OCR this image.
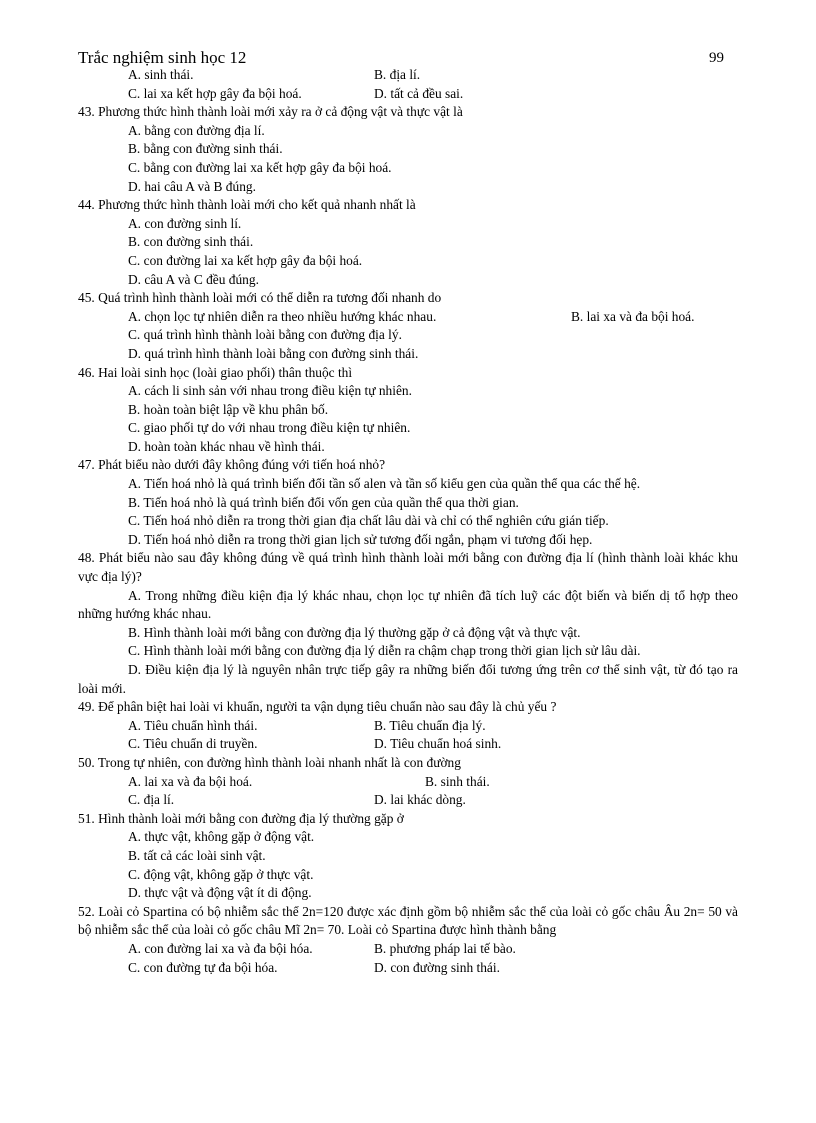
Trắc nghiệm sinh học 12	99
A. sinh thái.	B. địa lí.
C. lai xa kết hợp gây đa bội hoá.	D. tất cả đều sai.
43. Phương thức hình thành loài mới xảy ra ở cả động vật và thực vật là
A. bằng con đường địa lí.
B. bằng con đường sinh thái.
C. bằng con đường lai xa kết hợp gây đa bội hoá.
D. hai câu A và B đúng.
44. Phương thức hình thành loài mới cho kết quả nhanh nhất là
A. con đường sinh lí.
B. con đường sinh thái.
C. con đường lai xa kết hợp gây đa bội hoá.
D. câu A và C đều đúng.
45. Quá trình hình thành loài mới có thể diễn ra tương đối nhanh do
A. chọn lọc tự nhiên diễn ra theo nhiều hướng khác nhau.	B. lai xa và đa bội hoá.
C. quá trình hình thành loài bằng con đường địa lý.
D. quá trình hình thành loài bằng con đường sinh thái.
46. Hai loài sinh học (loài giao phối) thân thuộc thì
A. cách li sinh sản với nhau trong điều kiện tự nhiên.
B. hoàn toàn biệt lập về khu phân bố.
C. giao phối tự do với nhau trong điều kiện tự nhiên.
D. hoàn toàn khác nhau về hình thái.
47. Phát biểu nào dưới đây không đúng với tiến hoá nhỏ?
A. Tiến hoá nhỏ là quá trình biến đổi tần số alen và tần số kiểu gen của quần thể qua các thế hệ.
B. Tiến hoá nhỏ là quá trình biến đổi vốn gen của quần thể qua thời gian.
C. Tiến hoá nhỏ diễn ra trong thời gian địa chất lâu dài và chỉ có thể nghiên cứu gián tiếp.
D. Tiến hoá nhỏ diễn ra trong thời gian lịch sử tương đối ngắn, phạm vi tương đối hẹp.
48. Phát biểu nào sau đây không đúng về quá trình hình thành loài mới bằng con đường địa lí (hình thành loài khác khu vực địa lý)?
A. Trong những điều kiện địa lý khác nhau, chọn lọc tự nhiên đã tích luỹ các đột biến và biến dị tổ hợp theo những hướng khác nhau.
B. Hình thành loài mới bằng con đường địa lý thường gặp ở cả động vật và thực vật.
C. Hình thành loài mới bằng con đường địa lý diễn ra chậm chạp trong thời gian lịch sử lâu dài.
D. Điều kiện địa lý là nguyên nhân trực tiếp gây ra những biến đổi tương ứng trên cơ thể sinh vật, từ đó tạo ra loài mới.
49. Để phân biệt hai loài vi khuẩn, người ta vận dụng tiêu chuẩn nào sau đây là chủ yếu ?
A. Tiêu chuẩn hình thái.	B. Tiêu chuẩn địa lý.
C. Tiêu chuẩn di truyền.	D. Tiêu chuẩn hoá sinh.
50. Trong tự nhiên, con đường hình thành loài nhanh nhất là con đường
A. lai xa và đa bội hoá.	B. sinh thái.
C. địa lí.	D. lai khác dòng.
51. Hình thành loài mới bằng con đường địa lý thường gặp ở
A. thực vật, không gặp ở động vật.
B. tất cả các loài sinh vật.
C. động vật, không gặp ở thực vật.
D. thực vật và động vật ít di động.
52. Loài cỏ Spartina có bộ nhiễm sắc thể 2n=120 được xác định gồm bộ nhiễm sắc thể của loài cỏ gốc châu Âu 2n= 50 và bộ nhiễm sắc thể của loài cỏ gốc châu Mĩ 2n= 70. Loài cỏ Spartina được hình thành bằng
A. con đường lai xa và đa bội hóa.	B. phương pháp lai tế bào.
C. con đường tự đa bội hóa.	D. con đường sinh thái.
